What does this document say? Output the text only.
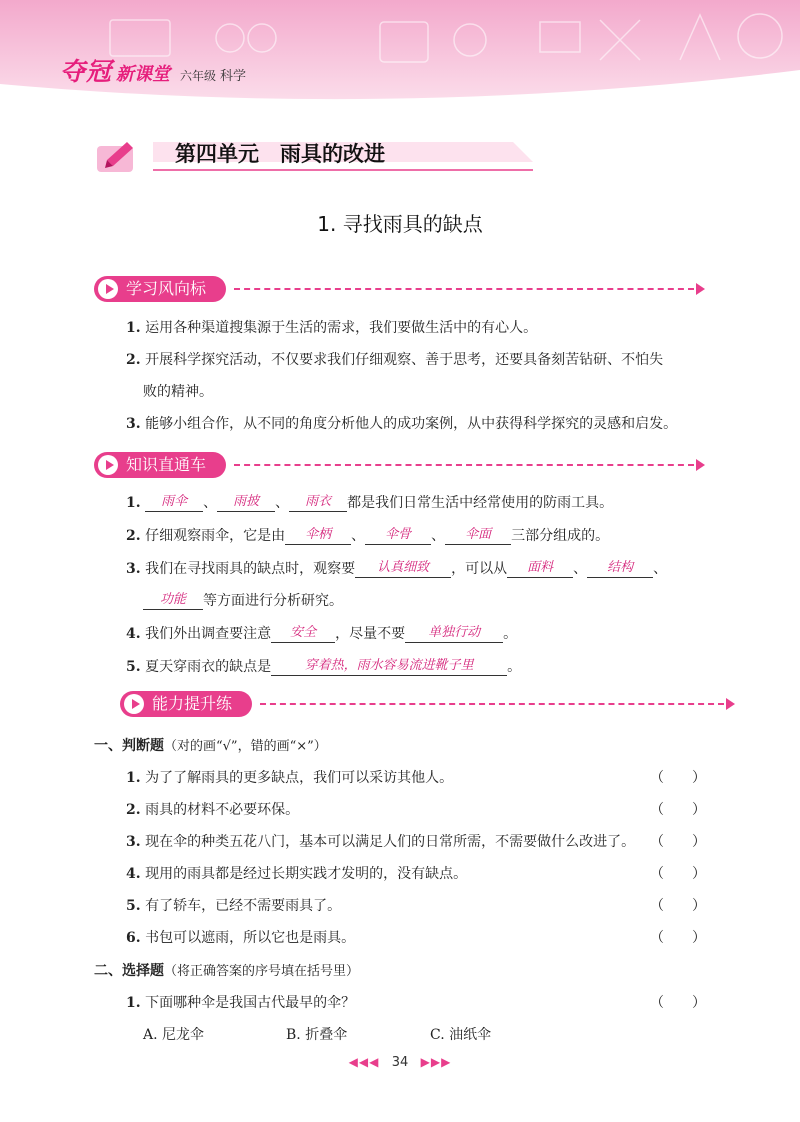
夺冠 新课堂 六年级 科学
第四单元　雨具的改进
1. 寻找雨具的缺点
学习风向标
1. 运用各种渠道搜集源于生活的需求，我们要做生活中的有心人。
2. 开展科学探究活动，不仅要求我们仔细观察、善于思考，还要具备刻苦钻研、不怕失
败的精神。
3. 能够小组合作，从不同的角度分析他人的成功案例，从中获得科学探究的灵感和启发。
知识直通车
1. 雨伞 、 雨披 、 雨衣 都是我们日常生活中经常使用的防雨工具。
2. 仔细观察雨伞，它是由 伞柄 、 伞骨 、 伞面 三部分组成的。
3. 我们在寻找雨具的缺点时，观察要 认真细致 ，可以从 面料 、 结构 、
功能 等方面进行分析研究。
4. 我们外出调查要注意 安全 ，尽量不要 单独行动 。
5. 夏天穿雨衣的缺点是	穿着热，雨水容易流进靴子里 。
能力提升练
一、判断题（对的画“√”，错的画“×”）
1. 为了了解雨具的更多缺点，我们可以采访其他人。	（　　）
2. 雨具的材料不必要环保。	（　　）
3. 现在伞的种类五花八门，基本可以满足人们的日常所需，不需要做什么改进了。 （　　）
4. 现用的雨具都是经过长期实践才发明的，没有缺点。	（　　）
5. 有了轿车，已经不需要雨具了。	（　　）
6. 书包可以遮雨，所以它也是雨具。	（　　）
二、选择题（将正确答案的序号填在括号里）
1. 下面哪种伞是我国古代最早的伞？	（　　）
A. 尼龙伞	B. 折叠伞	C. 油纸伞
◀◀◀ 34 ▶▶▶
